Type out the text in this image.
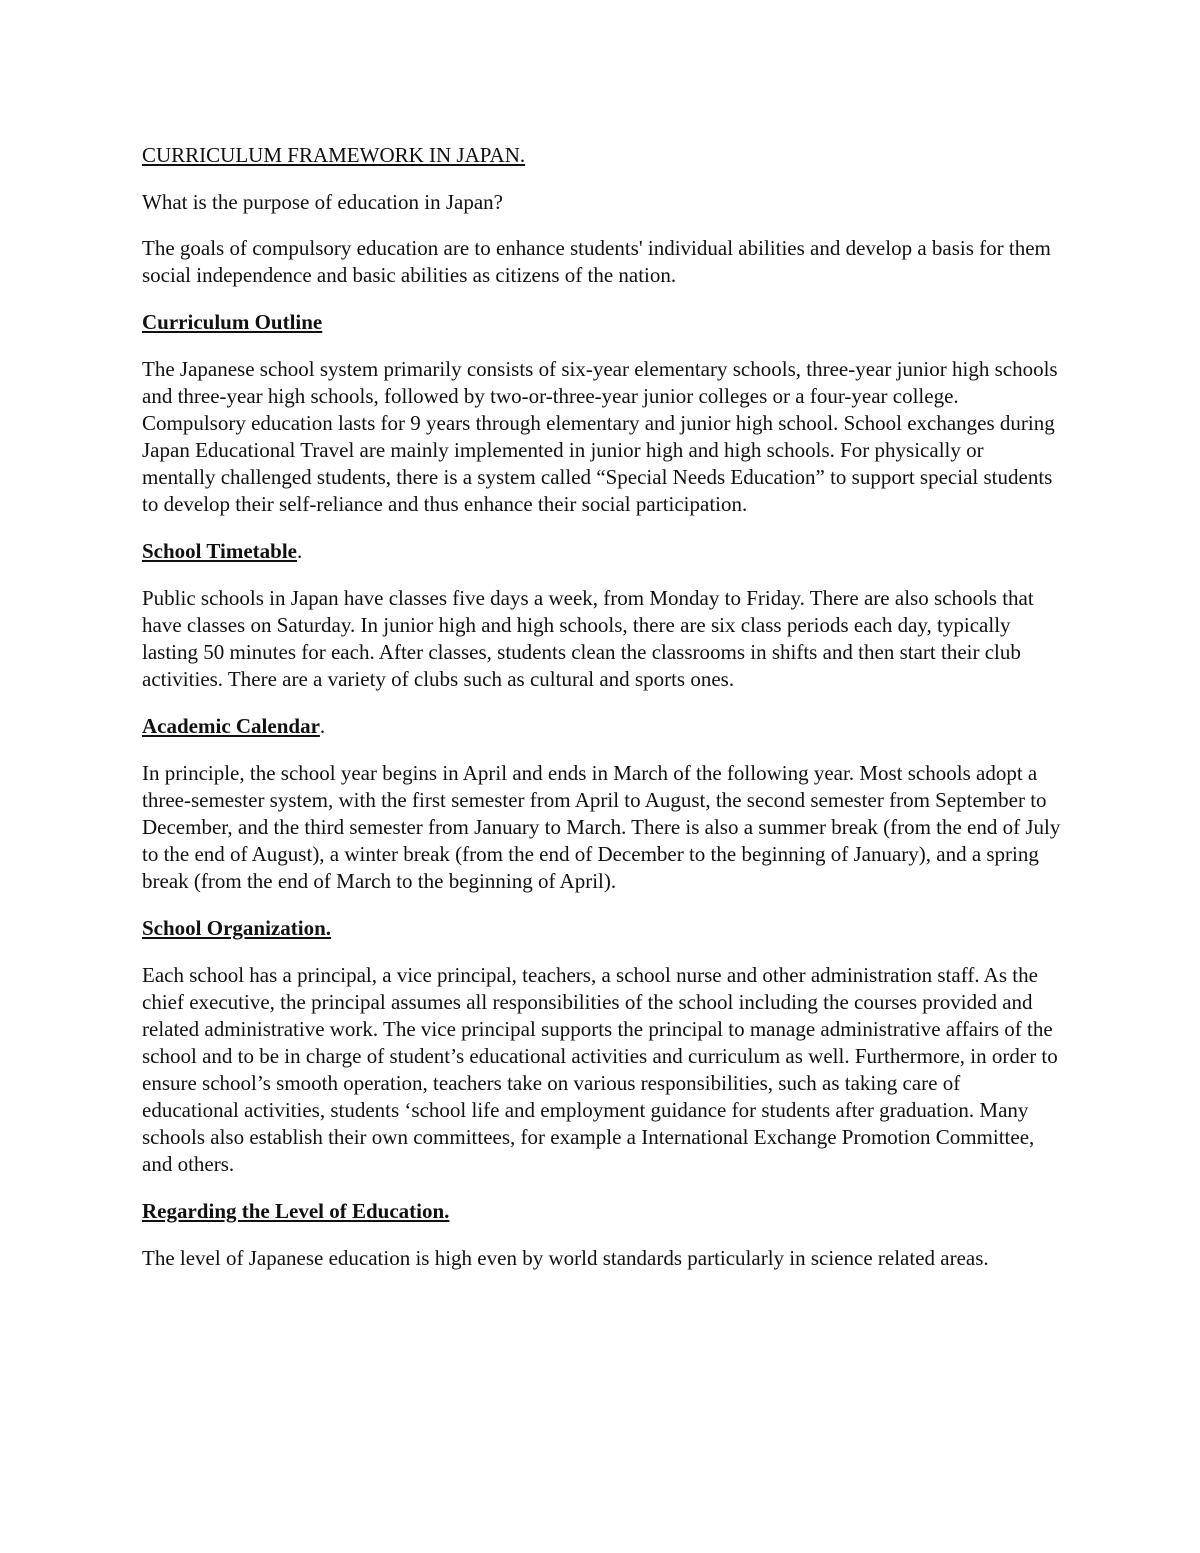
CURRICULUM FRAMEWORK IN JAPAN.

What is the purpose of education in Japan?

The goals of compulsory education are to enhance students' individual abilities and develop a basis for them social independence and basic abilities as citizens of the nation.

Curriculum Outline

The Japanese school system primarily consists of six-year elementary schools, three-year junior high schools and three-year high schools, followed by two-or-three-year junior colleges or a four-year college. Compulsory education lasts for 9 years through elementary and junior high school. School exchanges during Japan Educational Travel are mainly implemented in junior high and high schools. For physically or mentally challenged students, there is a system called “Special Needs Education” to support special students to develop their self-reliance and thus enhance their social participation.

School Timetable.

Public schools in Japan have classes five days a week, from Monday to Friday. There are also schools that have classes on Saturday. In junior high and high schools, there are six class periods each day, typically lasting 50 minutes for each. After classes, students clean the classrooms in shifts and then start their club activities. There are a variety of clubs such as cultural and sports ones.

Academic Calendar.

In principle, the school year begins in April and ends in March of the following year. Most schools adopt a three-semester system, with the first semester from April to August, the second semester from September to December, and the third semester from January to March. There is also a summer break (from the end of July to the end of August), a winter break (from the end of December to the beginning of January), and a spring break (from the end of March to the beginning of April).

School Organization.

Each school has a principal, a vice principal, teachers, a school nurse and other administration staff. As the chief executive, the principal assumes all responsibilities of the school including the courses provided and related administrative work. The vice principal supports the principal to manage administrative affairs of the school and to be in charge of student’s educational activities and curriculum as well. Furthermore, in order to ensure school’s smooth operation, teachers take on various responsibilities, such as taking care of educational activities, students ‘school life and employment guidance for students after graduation. Many schools also establish their own committees, for example a International Exchange Promotion Committee, and others.

Regarding the Level of Education.

The level of Japanese education is high even by world standards particularly in science related areas.
